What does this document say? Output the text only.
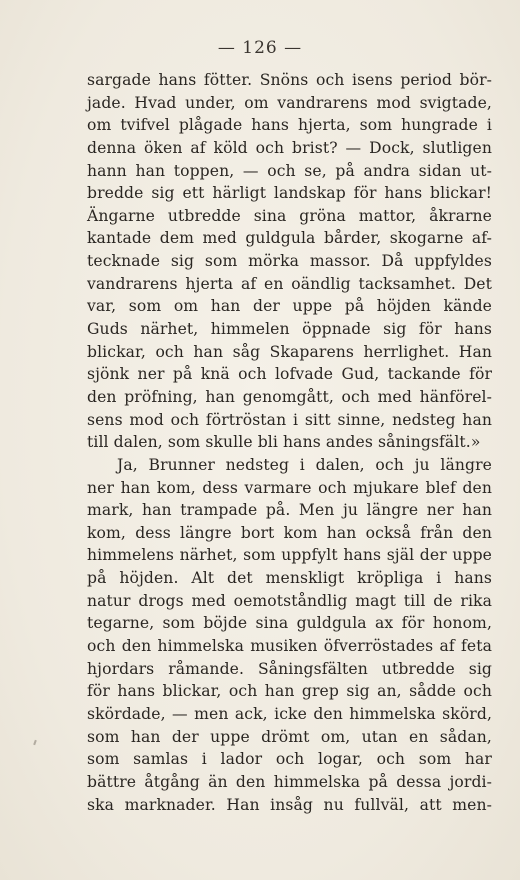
— 126 —
sargade hans fötter. Snöns och isens period bör-
jade. Hvad under, om vandrarens mod svigtade,
om tvifvel plågade hans hjerta, som hungrade i
denna öken af köld och brist? — Dock, slutligen
hann han toppen, — och se, på andra sidan ut-
bredde sig ett härligt landskap för hans blickar!
Ängarne utbredde sina gröna mattor, åkrarne
kantade dem med guldgula bårder, skogarne af-
tecknade sig som mörka massor. Då uppfyldes
vandrarens hjerta af en oändlig tacksamhet. Det
var, som om han der uppe på höjden kände
Guds närhet, himmelen öppnade sig för hans
blickar, och han såg Skaparens herrlighet. Han
sjönk ner på knä och lofvade Gud, tackande för
den pröfning, han genomgått, och med hänförel-
sens mod och förtröstan i sitt sinne, nedsteg han
till dalen, som skulle bli hans andes såningsfält.»
Ja, Brunner nedsteg i dalen, och ju längre
ner han kom, dess varmare och mjukare blef den
mark, han trampade på. Men ju längre ner han
kom, dess längre bort kom han också från den
himmelens närhet, som uppfylt hans själ der uppe
på höjden. Alt det menskligt kröpliga i hans
natur drogs med oemotståndlig magt till de rika
tegarne, som böjde sina guldgula ax för honom,
och den himmelska musiken öfverröstades af feta
hjordars råmande. Såningsfälten utbredde sig
för hans blickar, och han grep sig an, sådde och
skördade, — men ack, icke den himmelska skörd,
som han der uppe drömt om, utan en sådan,
som samlas i lador och logar, och som har
bättre åtgång än den himmelska på dessa jordi-
ska marknader. Han insåg nu fullväl, att men-
